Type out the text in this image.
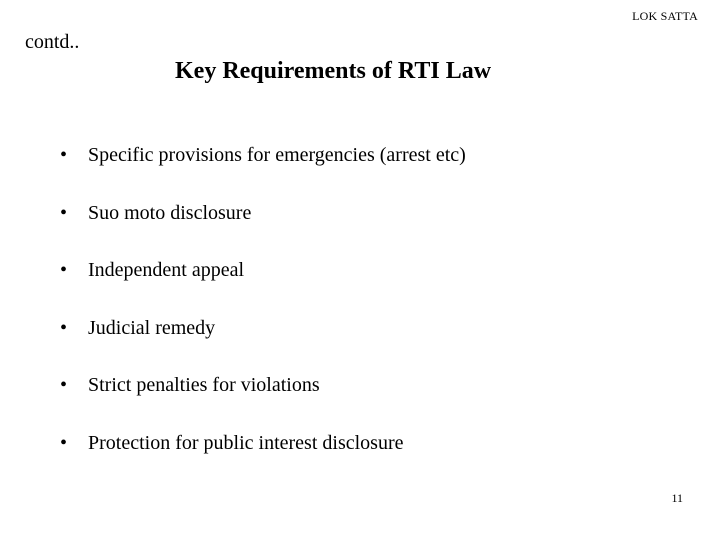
LOK SATTA
contd..
Key Requirements of RTI Law
•	Specific provisions for emergencies (arrest etc)
•	Suo moto disclosure
•	Independent appeal
•	Judicial remedy
•	Strict penalties for violations
•	Protection for public interest disclosure
11
